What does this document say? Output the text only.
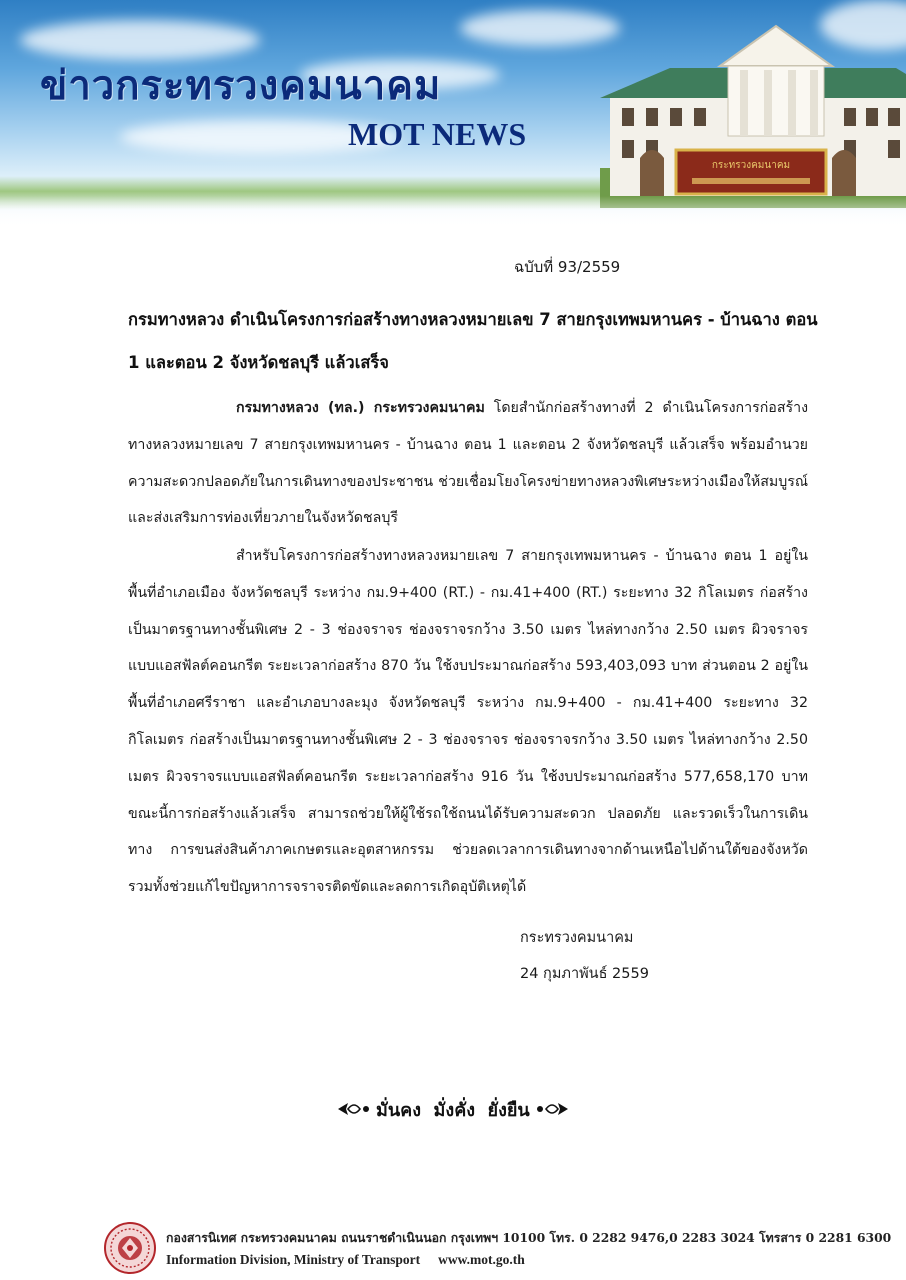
ข่าวกระทรวงคมนาคม
MOT NEWS
กระทรวงคมนาคม
ฉบับที่ 93/2559
กรมทางหลวง ดำเนินโครงการก่อสร้างทางหลวงหมายเลข 7 สายกรุงเทพมหานคร - บ้านฉาง ตอน 1 และตอน 2 จังหวัดชลบุรี แล้วเสร็จ

กรมทางหลวง (ทล.) กระทรวงคมนาคม โดยสำนักก่อสร้างทางที่ 2 ดำเนินโครงการก่อสร้างทางหลวงหมายเลข 7 สายกรุงเทพมหานคร - บ้านฉาง ตอน 1 และตอน 2 จังหวัดชลบุรี แล้วเสร็จ พร้อมอำนวยความสะดวกปลอดภัยในการเดินทางของประชาชน ช่วยเชื่อมโยงโครงข่ายทางหลวงพิเศษระหว่างเมืองให้สมบูรณ์ และส่งเสริมการท่องเที่ยวภายในจังหวัดชลบุรี

สำหรับโครงการก่อสร้างทางหลวงหมายเลข 7 สายกรุงเทพมหานคร - บ้านฉาง ตอน 1 อยู่ในพื้นที่อำเภอเมือง จังหวัดชลบุรี ระหว่าง กม.9+400 (RT.) - กม.41+400 (RT.) ระยะทาง 32 กิโลเมตร ก่อสร้างเป็นมาตรฐานทางชั้นพิเศษ 2 - 3 ช่องจราจร ช่องจราจรกว้าง 3.50 เมตร ไหล่ทางกว้าง 2.50 เมตร ผิวจราจรแบบแอสฟัลต์คอนกรีต ระยะเวลาก่อสร้าง 870 วัน ใช้งบประมาณก่อสร้าง 593,403,093 บาท ส่วนตอน 2 อยู่ในพื้นที่อำเภอศรีราชา และอำเภอบางละมุง จังหวัดชลบุรี ระหว่าง กม.9+400 - กม.41+400 ระยะทาง 32 กิโลเมตร ก่อสร้างเป็นมาตรฐานทางชั้นพิเศษ 2 - 3 ช่องจราจร ช่องจราจรกว้าง 3.50 เมตร ไหล่ทางกว้าง 2.50 เมตร ผิวจราจรแบบแอสฟัลต์คอนกรีต ระยะเวลาก่อสร้าง 916 วัน ใช้งบประมาณก่อสร้าง 577,658,170 บาท ขณะนี้การก่อสร้างแล้วเสร็จ สามารถช่วยให้ผู้ใช้รถใช้ถนนได้รับความสะดวก ปลอดภัย และรวดเร็วในการเดินทาง การขนส่งสินค้าภาคเกษตรและอุตสาหกรรม ช่วยลดเวลาการเดินทางจากด้านเหนือไปด้านใต้ของจังหวัด รวมทั้งช่วยแก้ไขปัญหาการจราจรติดขัดและลดการเกิดอุบัติเหตุได้

กระทรวงคมนาคม
24 กุมภาพันธ์ 2559
มั่นคง  มั่งคั่ง  ยั่งยืน
กองสารนิเทศ กระทรวงคมนาคม ถนนราชดำเนินนอก กรุงเทพฯ 10100 โทร. 0 2282 9476,0 2283 3024 โทรสาร 0 2281 6300
Information Division, Ministry of Transport www.mot.go.th
